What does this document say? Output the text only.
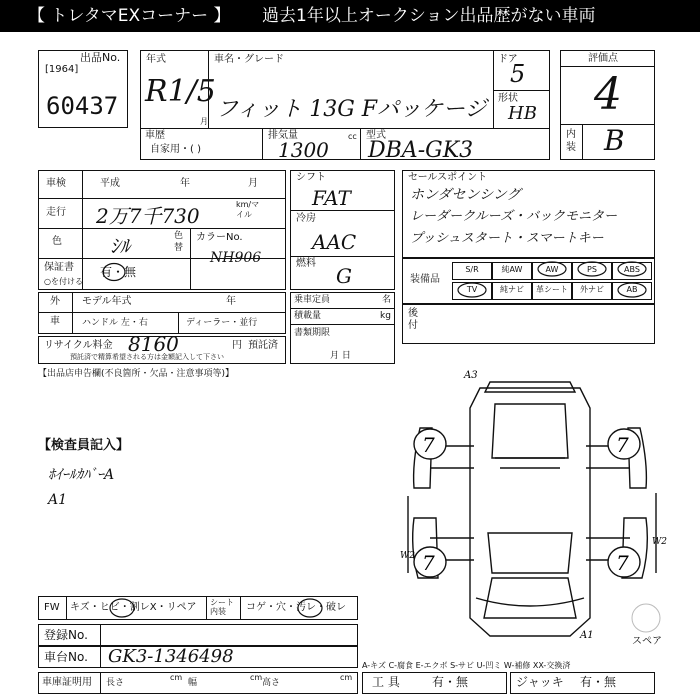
【 トレタマEXコーナー 】 過去1年以上オークション出品歴がない車両
出品No.
[1964]
60437
年式
R1/5
月
車名・グレード
フィット 13G Fパッケージ
ドア
5
形状
HB
車歴
自家用・( )
排気量	cc
1300
型式
DBA-GK3
評価点
4
内装 B
車検	平成	年	月
走行 2万7千730	km/マイル
色 ｼﾙ	色替
カラーNo.
NH906
保証書
○を付ける
有・無
シフト
FAT
冷房
AAC
燃料
G
セールスポイント
ホンダセンシング
レーダークルーズ・バックモニター
プッシュスタート・スマートキー
装備品
S/R	純AW	AW	PS	ABS
TV	純ナビ	革シート	外ナビ	AB
外
車
モデル年式	年
ハンドル 左・右	ディーラー・並行
乗車定員	名
積載量	kg
書類期限
月 日
後付
リサイクル料金 8160	円 預託済
預託済で精算希望される方は金額記入して下さい
【出品店申告欄(不良箇所・欠品・注意事項等)】
【検査員記入】
ﾎｲｰﾙｶﾊﾞｰA
A1
A3
7	7
7	7
W2
W2
A1
スペア
FW キズ・ヒビ・割レX・リペア シート内装	コゲ・穴・汚レ・破レ
登録No.
車台No. GK3-1346498
車庫証明用 長さ
cm
幅
cm
高さ
cm
A-キズ C-腐食 E-エクボ S-サビ U-凹ミ W-補修 XX-交換済
工 具	有・無	ジャッキ 有・無
